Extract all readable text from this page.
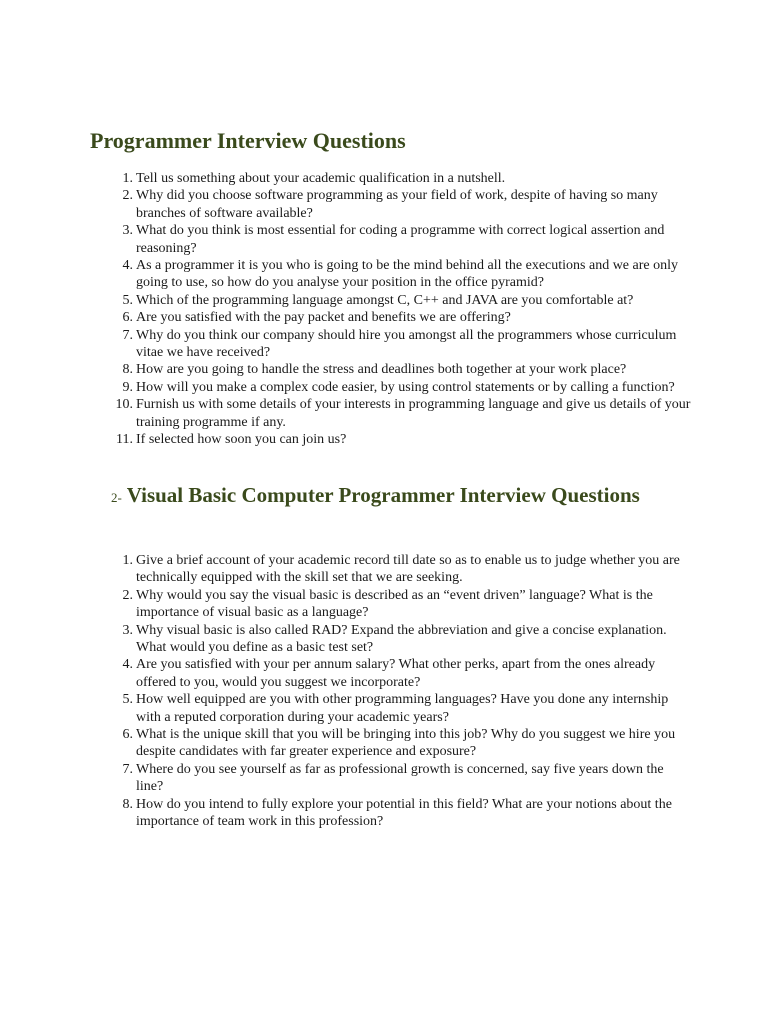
Programmer Interview Questions
1. Tell us something about your academic qualification in a nutshell.
2. Why did you choose software programming as your field of work, despite of having so many branches of software available?
3. What do you think is most essential for coding a programme with correct logical assertion and reasoning?
4. As a programmer it is you who is going to be the mind behind all the executions and we are only going to use, so how do you analyse your position in the office pyramid?
5. Which of the programming language amongst C, C++ and JAVA are you comfortable at?
6. Are you satisfied with the pay packet and benefits we are offering?
7. Why do you think our company should hire you amongst all the programmers whose curriculum vitae we have received?
8. How are you going to handle the stress and deadlines both together at your work place?
9. How will you make a complex code easier, by using control statements or by calling a function?
10. Furnish us with some details of your interests in programming language and give us details of your training programme if any.
11. If selected how soon you can join us?
2- Visual Basic Computer Programmer Interview Questions
1. Give a brief account of your academic record till date so as to enable us to judge whether you are technically equipped with the skill set that we are seeking.
2. Why would you say the visual basic is described as an “event driven” language? What is the importance of visual basic as a language?
3. Why visual basic is also called RAD? Expand the abbreviation and give a concise explanation. What would you define as a basic test set?
4. Are you satisfied with your per annum salary? What other perks, apart from the ones already offered to you, would you suggest we incorporate?
5. How well equipped are you with other programming languages? Have you done any internship with a reputed corporation during your academic years?
6. What is the unique skill that you will be bringing into this job? Why do you suggest we hire you despite candidates with far greater experience and exposure?
7. Where do you see yourself as far as professional growth is concerned, say five years down the line?
8. How do you intend to fully explore your potential in this field? What are your notions about the importance of team work in this profession?
